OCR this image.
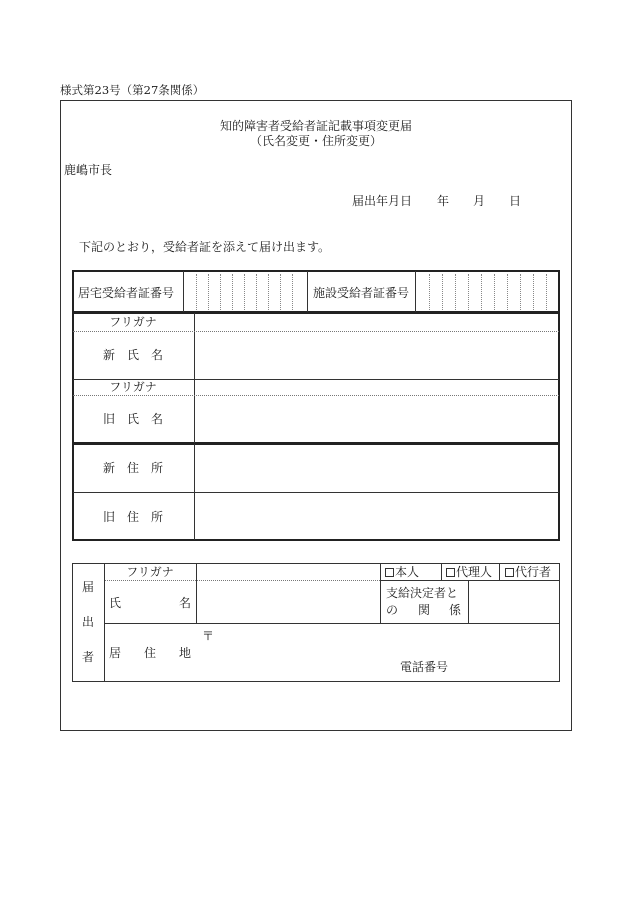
様式第23号（第27条関係）
知的障害者受給者証記載事項変更届
（氏名変更・住所変更）
鹿嶋市長
届出年月日 年 月 日
下記のとおり，受給者証を添えて届け出ます。
居宅受給者証番号	施設受給者証番号
フリガナ
新　氏　名
フリガナ
旧　氏　名
新　住　所
旧　住　所
届
出
者
フリガナ
氏	名
本人	代理人	代行者
支給決定者と
の 関 係
居 住 地
〒
電話番号
